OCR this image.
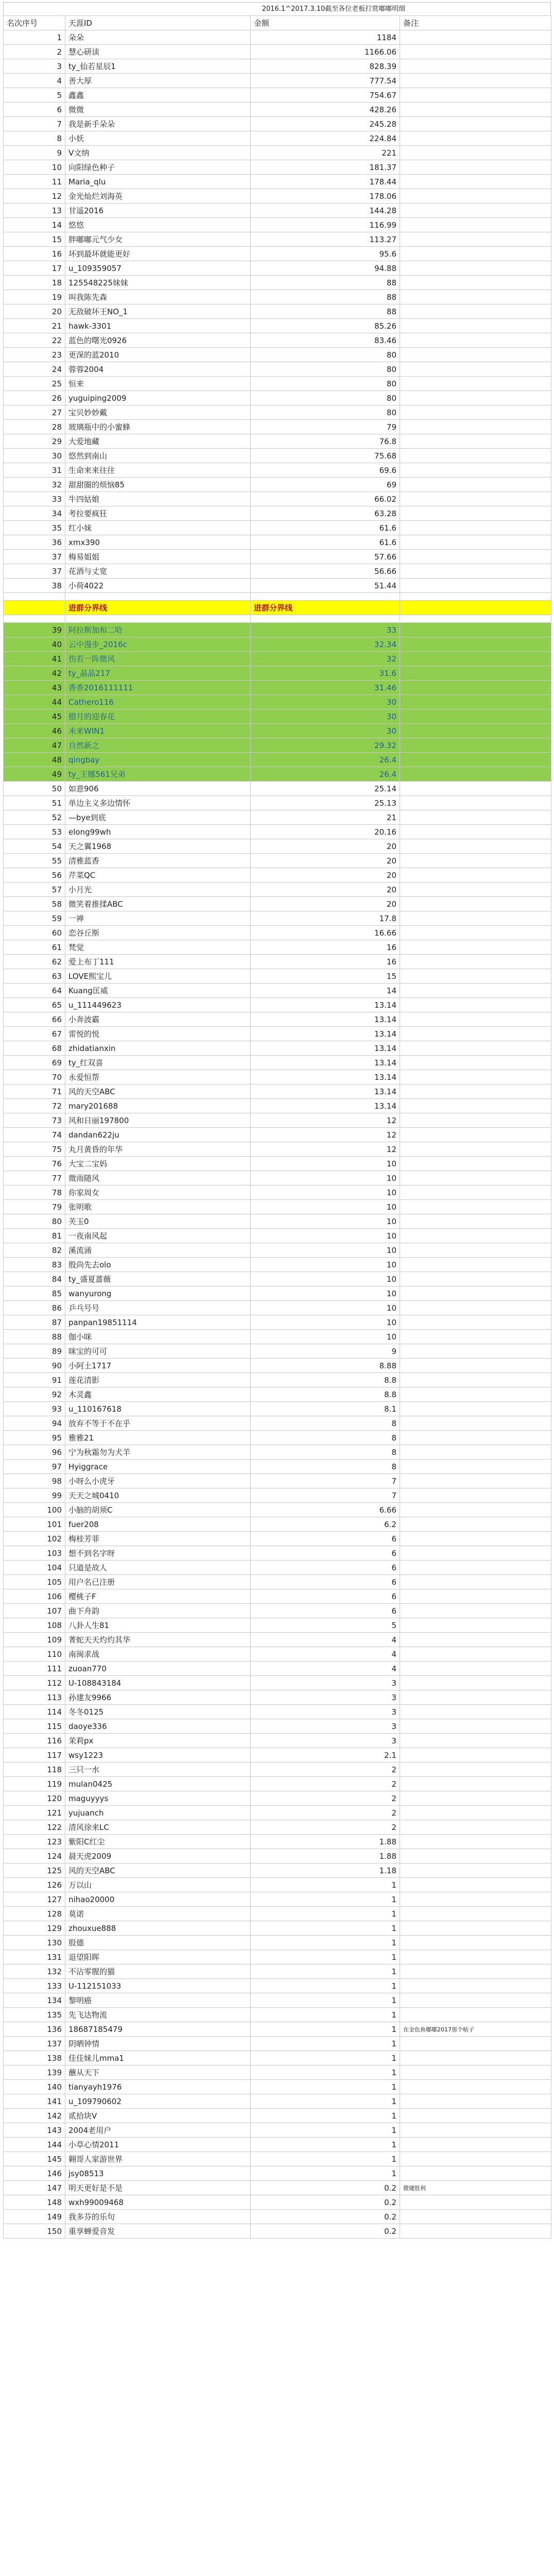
2016.1^2017.3.10截至各位老板打赏嘟嘟明细
名次序号	天涯ID	金额	备注
1	朵朵	1184	
2	慧心研读	1166.06	
3	ty_仙若星辰1	828.39	
4	善大厚	777.54	
5	鑫鑫	754.67	
6	微微	428.26	
7	我是新手朵朵	245.28	
8	小妖	224.84	
9	V文纳	221	
10	向阳绿色种子	181.37	
11	Maria_qlu	178.44	
12	金光灿烂刘海英	178.06	
13	甘遥2016	144.28	
14	悠悠	116.99	
15	胖嘟嘟元气少女	113.27	
16	坏到最坏就能更好	95.6	
17	u_109359057	94.88	
18	125548225妹妹	88	
19	叫我陈先森	88	
20	无敌破坏王NO_1	88	
21	hawk-3301	85.26	
22	蓝色的曙光0926	83.46	
23	更深的蓝2010	80	
24	蓉蓉2004	80	
25	恒来	80	
26	yuguiping2009	80	
27	宝贝妙妙戴	80	
28	玻璃瓶中的小蜜蜂	79	
29	大爱地藏	76.8	
30	悠然到南山	75.68	
31	生命来来往往	69.6	
32	甜甜圈的烦恼85	69	
33	牛四姑娘	66.02	
34	考拉要疯狂	63.28	
35	红小妹	61.6	
36	xmx390	61.6	
37	梅易姐姐	57.66	
37	花酒与丈宽	56.66	
38	小荷4022	51.44	

	进群分界线	进群分界线	

39	阿拉斯加和二哈	33	
40	云中漫步_2016c	32.34	
41	伤若一阵微风	32	
42	ty_晶晶217	31.6	
43	香香2016111111	31.46	
44	Cathero116	30	
45	腊月的迎春花	30	
46	未来WIN1	30	
47	自然新之	29.32	
48	qingbay	26.4	
49	ty_王娜561兄弟	26.4	
50	如意906	25.14	
51	单边主义多边情怀	25.13	
52	—bye到底	21	
53	elong99wh	20.16	
54	天之翼1968	20	
55	清雅蓝香	20	
56	芹菜QC	20	
57	小月光	20	
58	微笑着推揉ABC	20	
59	一禅	17.8	
60	恋谷丘斯	16.66	
61	梵觉	16	
62	爱上布丁111	16	
63	LOVE熙宝儿	15	
64	Kuang匡威	14	
65	u_111449623	13.14	
66	小奔波霸	13.14	
67	雷悦的悦	13.14	
68	zhidatianxin	13.14	
69	ty_红双喜	13.14	
70	永爱恒帮	13.14	
71	风的天空ABC	13.14	
72	mary201688	13.14	
73	风和日丽197800	12	
74	dandan622ju	12	
75	丸月黄昏的年华	12	
76	大宝二宝妈	10	
77	微雨随风	10	
78	你家周女	10	
79	张明歌	10	
80	芙玉0	10	
81	一夜南风起	10	
82	溪流涌	10	
83	殷尚先去olo	10	
84	ty_盛夏蔷薇	10	
85	wanyurong	10	
86	乒乓号号	10	
87	panpan19851114	10	
88	伽小咪	10	
89	咪宝的可可	9	
90	小阿土1717	8.88	
91	莲花清影	8.8	
92	木灵鑫	8.8	
93	u_110167618	8.1	
94	放弃不等于不在乎	8	
95	雅雅21	8	
96	宁为秋霜勿为犬羊	8	
97	Hyiggrace	8	
98	小呀么小虎牙	7	
99	天天之城0410	7	
100	小脑的胡须C	6.66	
101	fuer208	6.2	
102	梅桂芳菲	6	
103	想不到名字呀	6	
104	只道是故人	6	
105	用户名已注册	6	
106	樱桃子F	6	
107	曲下舟韵	6	
108	八卦人生81	5	
109	菁蛇天天灼灼其华	4	
110	南闽求战	4	
111	zuoan770	4	
112	U-108843184	3	
113	孙建友9966	3	
114	冬冬0125	3	
115	daoye336	3	
116	茉莉px	3	
117	wsy1223	2.1	
118	三只一水	2	
119	mulan0425	2	
120	maguyyys	2	
121	yujuanch	2	
122	清风徐来LC	2	
123	紫阳C红尘	1.88	
124	晨天虎2009	1.88	
125	风的天空ABC	1.18	
126	万以山	1	
127	nihao20000	1	
128	莫诺	1	
129	zhouxue888	1	
130	股德	1	
131	退望阳晖	1	
132	不沾零腥的猫	1	
133	U-112151033	1	
134	黎明癌	1	
135	先飞达物流	1	
136	18687185479	1	在金色鱼嘟嘟2017那个帖子
137	阴晒钟情	1	
138	佳佳妹儿mma1	1	
139	蘸从天下	1	
140	tianyayh1976	1	
141	u_109790602	1	
142	贰拾块V	1	
143	2004老用户	1	
144	小草心情2011	1	
145	翱哥人家游世界	1	
146	jsy08513	1	
147	明天更好是不是	0.2	微键胜利
148	wxh99009468	0.2	
149	我多芬的乐句	0.2	
150	重享蝉爱音发	0.2	
